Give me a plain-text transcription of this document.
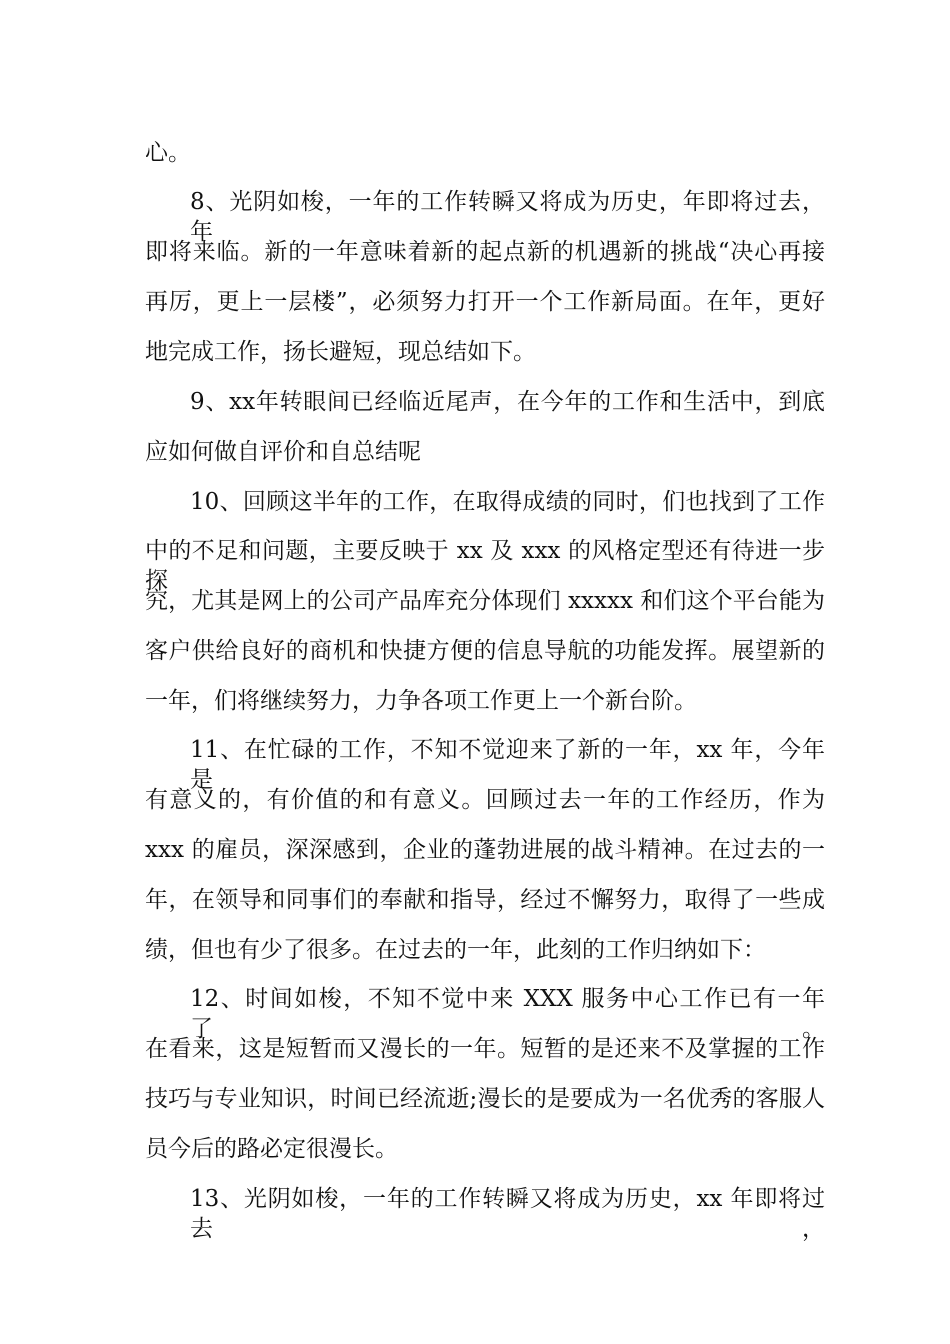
心。
8、光阴如梭，一年的工作转瞬又将成为历史，年即将过去，年
即将来临。新的一年意味着新的起点新的机遇新的挑战“决心再接
再厉，更上一层楼”，必须努力打开一个工作新局面。在年，更好
地完成工作，扬长避短，现总结如下。
9、xx年转眼间已经临近尾声，在今年的工作和生活中，到底
应如何做自评价和自总结呢
10、回顾这半年的工作，在取得成绩的同时，们也找到了工作
中的不足和问题，主要反映于 xx 及 xxx 的风格定型还有待进一步探
究，尤其是网上的公司产品库充分体现们 xxxxx 和们这个平台能为
客户供给良好的商机和快捷方便的信息导航的功能发挥。展望新的
一年，们将继续努力，力争各项工作更上一个新台阶。
11、在忙碌的工作，不知不觉迎来了新的一年，xx 年，今年是
有意义的，有价值的和有意义。回顾过去一年的工作经历，作为
xxx 的雇员，深深感到，企业的蓬勃进展的战斗精神。在过去的一
年，在领导和同事们的奉献和指导，经过不懈努力，取得了一些成
绩，但也有少了很多。在过去的一年，此刻的工作归纳如下：
12、时间如梭，不知不觉中来 XXX 服务中心工作已有一年了。
在看来，这是短暂而又漫长的一年。短暂的是还来不及掌握的工作
技巧与专业知识，时间已经流逝;漫长的是要成为一名优秀的客服人
员今后的路必定很漫长。
13、光阴如梭，一年的工作转瞬又将成为历史，xx 年即将过去，
